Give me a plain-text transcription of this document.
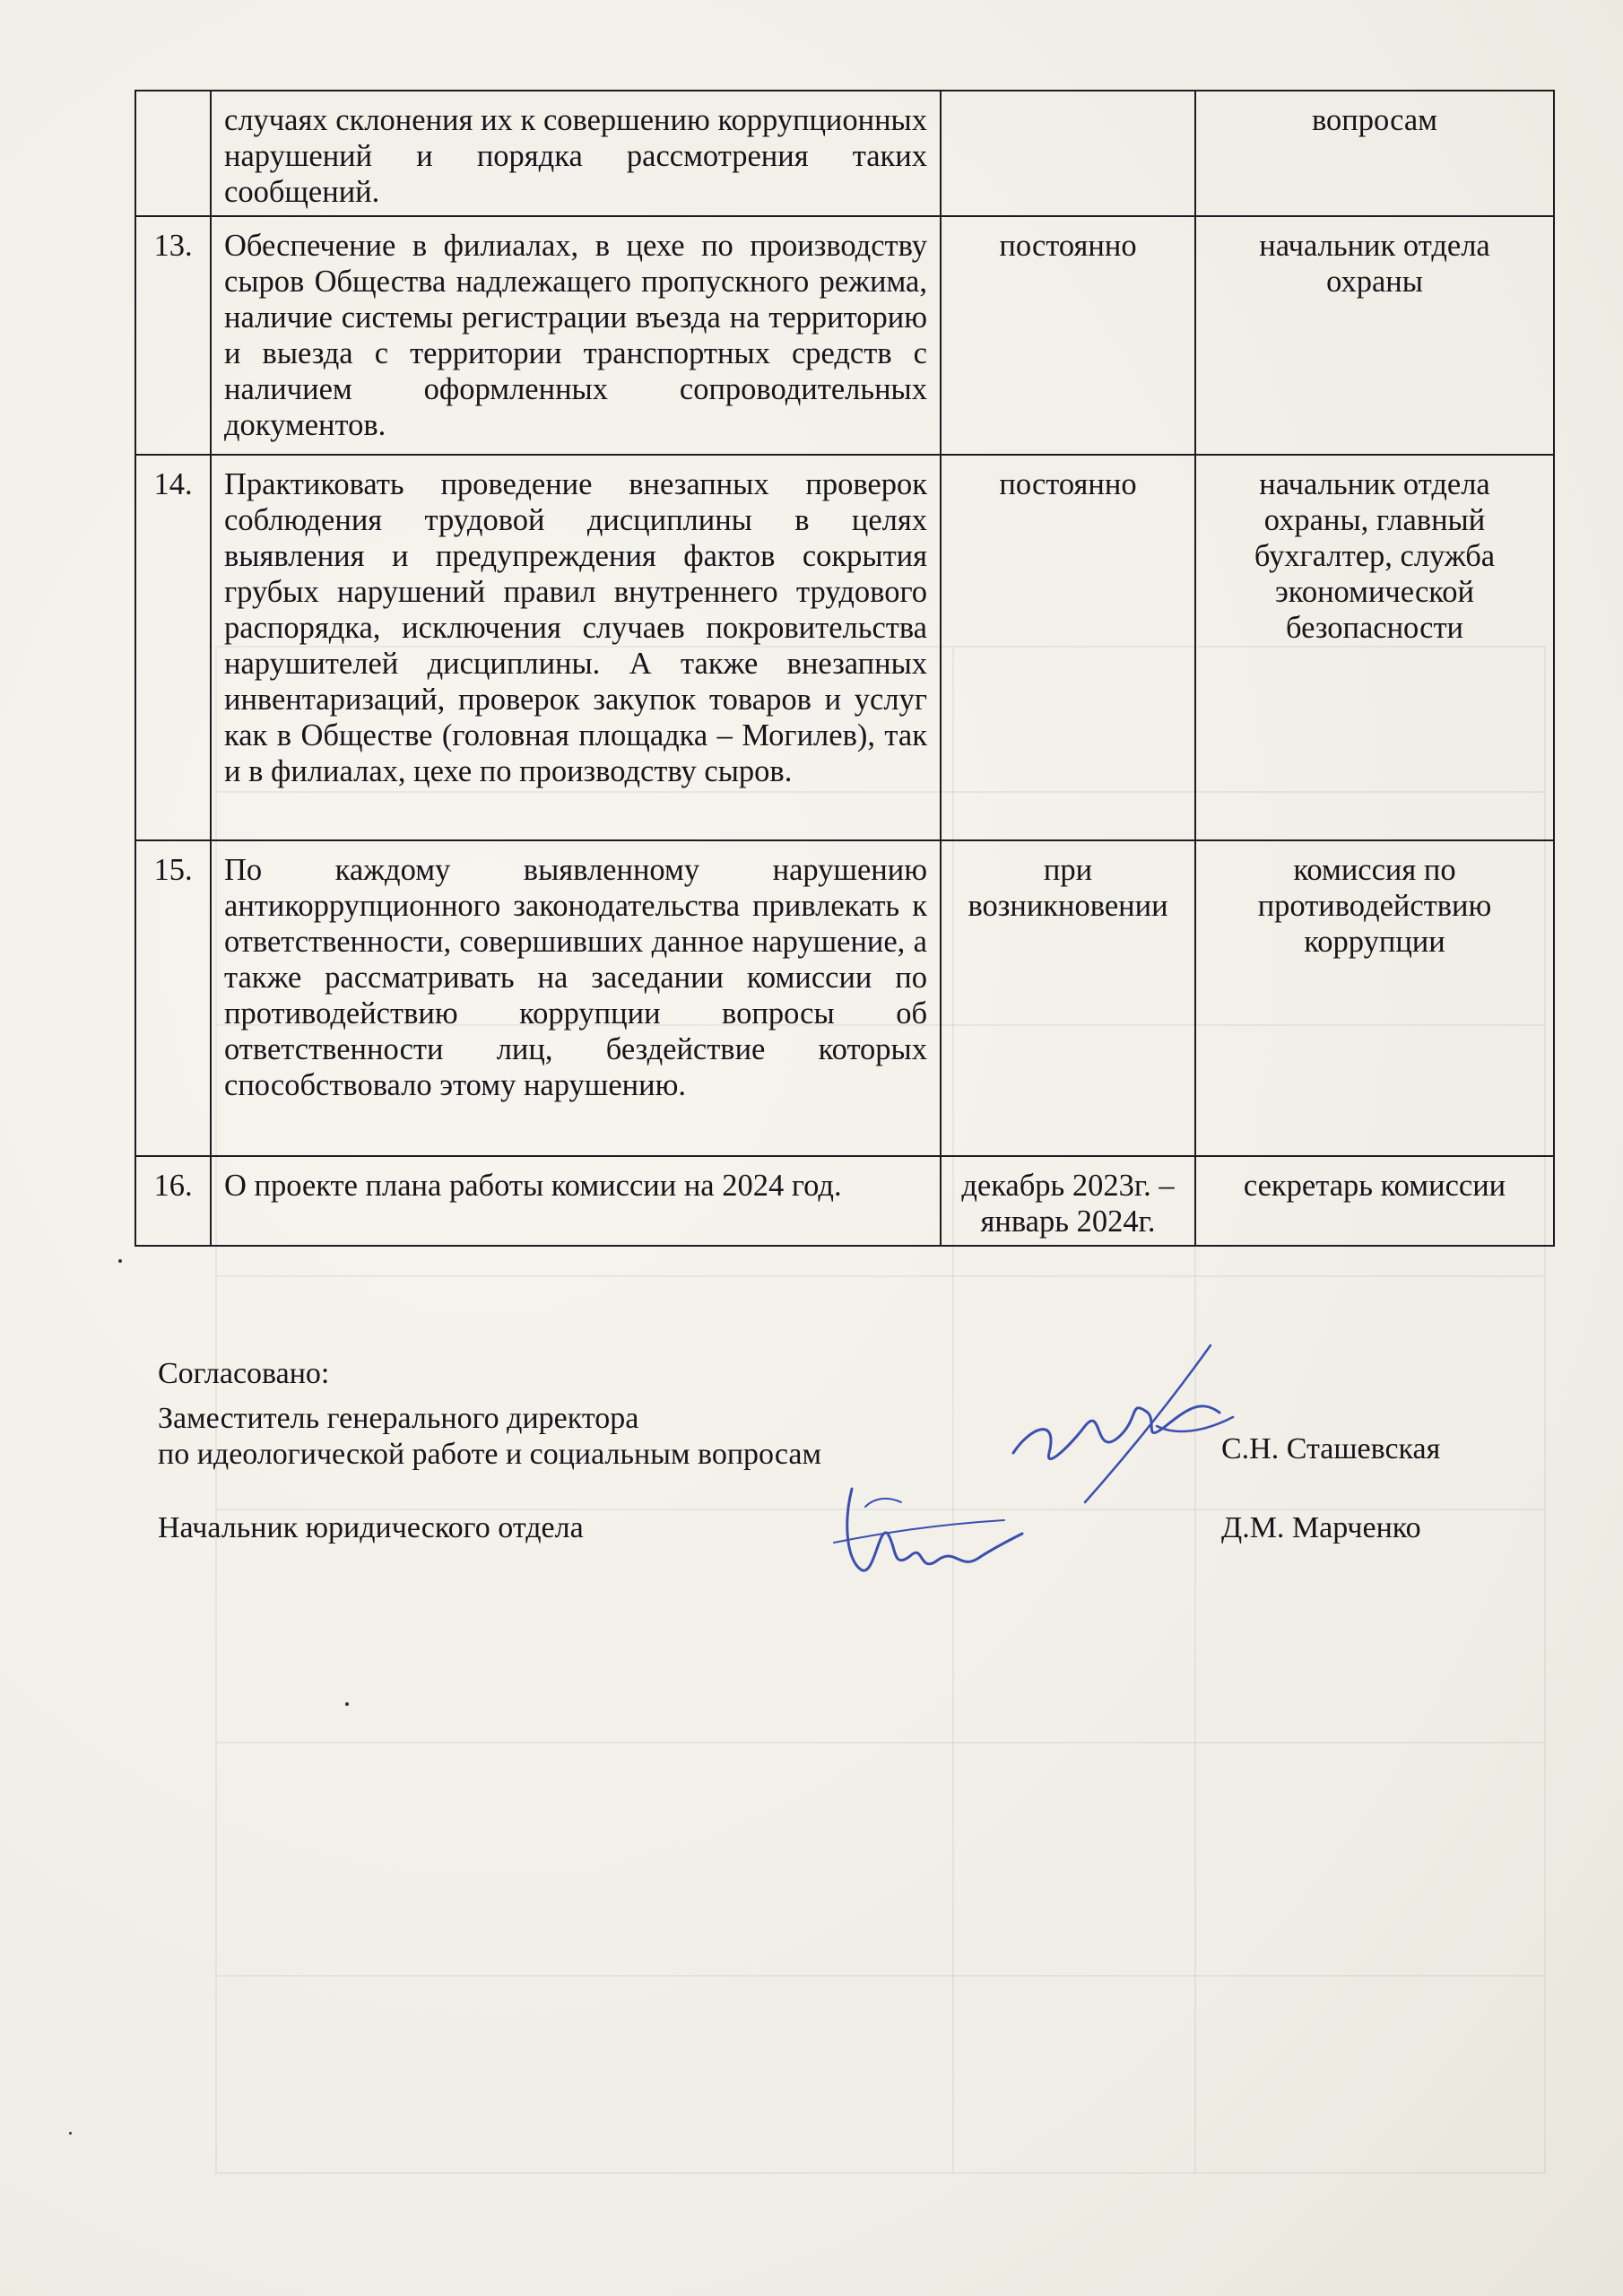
	случаях склонения их к совершению коррупционных нарушений и порядка рассмотрения таких сообщений.		вопросам
13.	Обеспечение в филиалах, в цехе по производству сыров Общества надлежащего пропускного режима, наличие системы регистрации въезда на территорию и выезда с территории транспортных средств с наличием оформленных сопроводительных документов.	постоянно	начальник отдела охраны
14.	Практиковать проведение внезапных проверок соблюдения трудовой дисциплины в целях выявления и предупреждения фактов сокрытия грубых нарушений правил внутреннего трудового распорядка, исключения случаев покровительства нарушителей дисциплины. А также внезапных инвентаризаций, проверок закупок товаров и услуг как в Обществе (головная площадка – Могилев), так и в филиалах, цехе по производству сыров.	постоянно	начальник отдела охраны, главный бухгалтер, служба экономической безопасности
15.	По каждому выявленному нарушению антикоррупционного законодательства привлекать к ответственности, совершивших данное нарушение, а также рассматривать на заседании комиссии по противодействию коррупции вопросы об ответственности лиц, бездействие которых способствовало этому нарушению.	при возникновении	комиссия по противодействию коррупции
16.	О проекте плана работы комиссии на 2024 год.	декабрь 2023г. – январь 2024г.	секретарь комиссии
Согласовано:
Заместитель генерального директора
по идеологической работе и социальным вопросам	С.Н. Сташевская
Начальник юридического отдела	Д.М. Марченко
